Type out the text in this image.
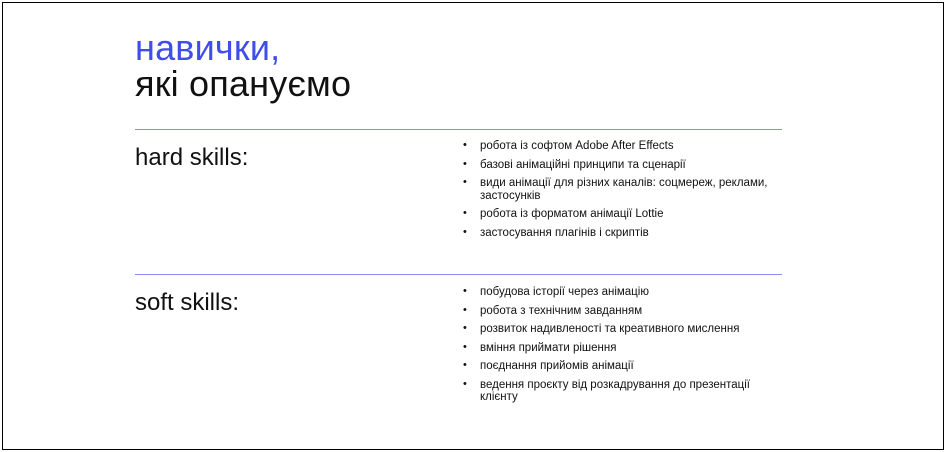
навички,
які опануємо
hard skills:	• робота із софтом Adobe After Effects
• базові анімаційні принципи та сценарії
• види анімації для різних каналів: соцмереж, реклами, застосунків
• робота із форматом анімації Lottie
• застосування плагінів і скриптів
soft skills:	• побудова історії через анімацію
• робота з технічним завданням
• розвиток надивленості та креативного мислення
• вміння приймати рішення
• поєднання прийомів анімації
• ведення проєкту від розкадрування до презентації клієнту
